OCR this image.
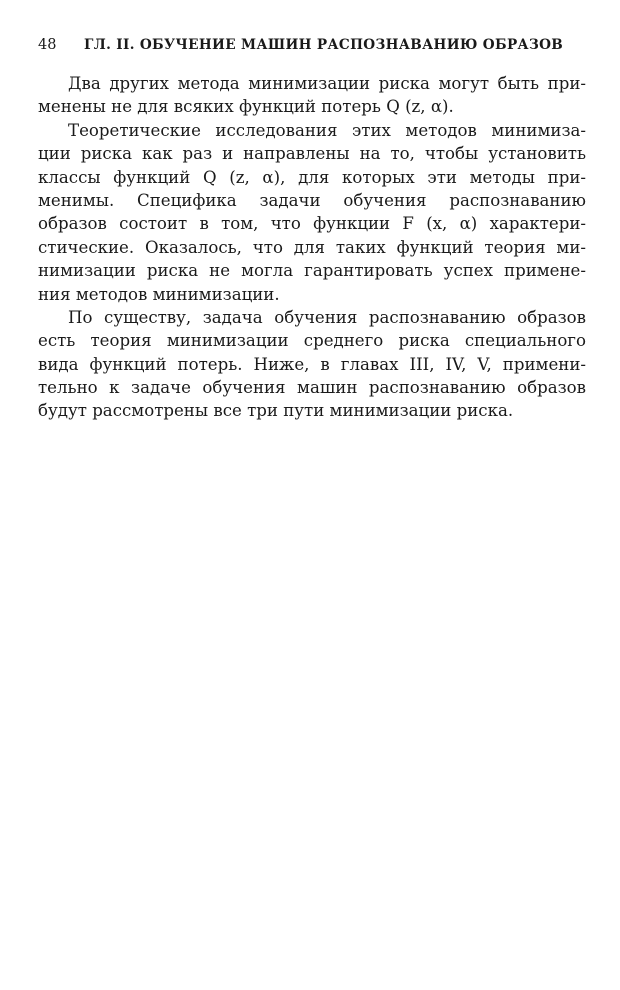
48 ГЛ. II. ОБУЧЕНИЕ МАШИН РАСПОЗНАВАНИЮ ОБРАЗОВ
Два других метода минимизации риска могут быть при-
менены не для всяких функций потерь Q (z, α).
Теоретические исследования этих методов минимиза-
ции риска как раз и направлены на то, чтобы установить
классы функций Q (z, α), для которых эти методы при-
менимы. Специфика задачи обучения распознаванию
образов состоит в том, что функции F (x, α) характери-
стические. Оказалось, что для таких функций теория ми-
нимизации риска не могла гарантировать успех применe-
ния методов минимизации.
По существу, задача обучения распознаванию образов
есть теория минимизации среднего риска специального
вида функций потерь. Ниже, в главах III, IV, V, примени-
тельно к задаче обучения машин распознаванию образов
будут рассмотрены все три пути минимизации риска.
